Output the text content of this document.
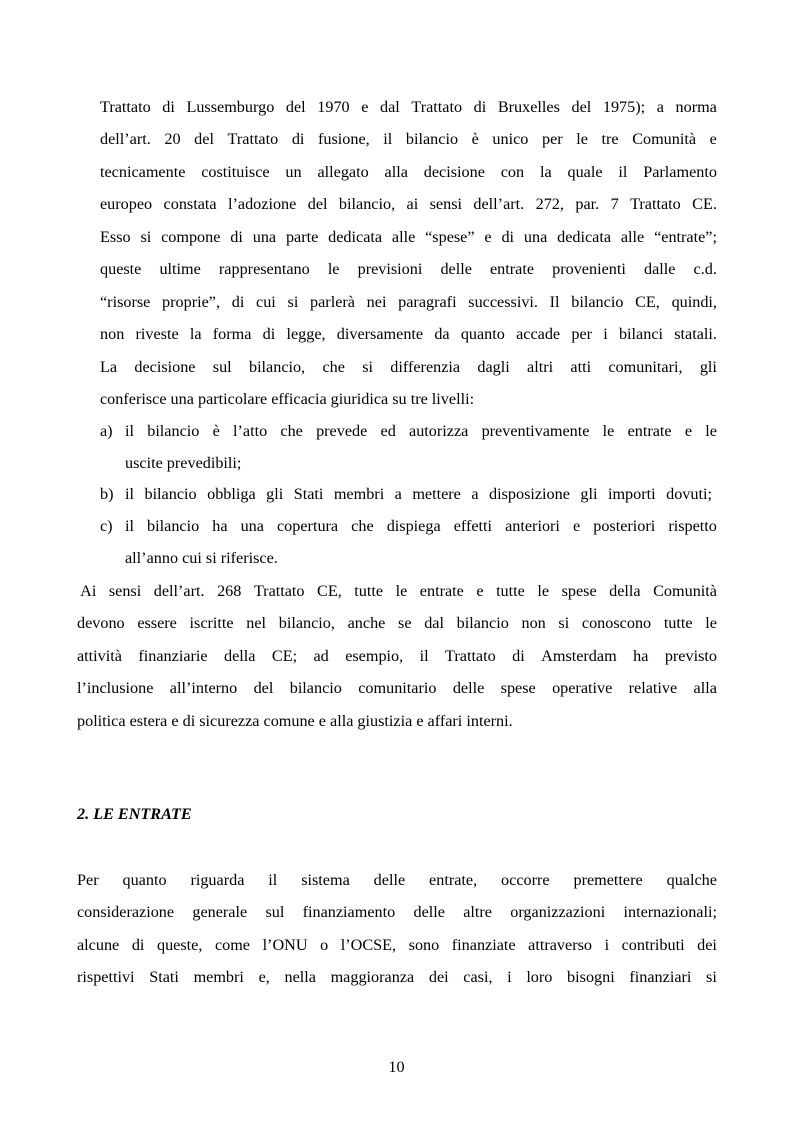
Trattato di Lussemburgo del 1970 e dal Trattato di Bruxelles del 1975); a norma
dell’art. 20 del Trattato di fusione, il bilancio è unico per le tre Comunità e
tecnicamente costituisce un allegato alla decisione con la quale il Parlamento
europeo constata l’adozione del bilancio, ai sensi dell’art. 272, par. 7 Trattato CE.
Esso si compone di una parte dedicata alle “spese” e di una dedicata alle “entrate”;
queste ultime rappresentano le previsioni delle entrate provenienti dalle c.d.
“risorse proprie”, di cui si parlerà nei paragrafi successivi. Il bilancio CE, quindi,
non riveste la forma di legge, diversamente da quanto accade per i bilanci statali.
La decisione sul bilancio, che si differenzia dagli altri atti comunitari, gli
conferisce una particolare efficacia giuridica su tre livelli:
a) il bilancio è l’atto che prevede ed autorizza preventivamente le entrate e le
uscite prevedibili;
b) il bilancio obbliga gli Stati membri a mettere a disposizione gli importi dovuti;
c) il bilancio ha una copertura che dispiega effetti anteriori e posteriori rispetto
all’anno cui si riferisce.
Ai sensi dell’art. 268 Trattato CE, tutte le entrate e tutte le spese della Comunità
devono essere iscritte nel bilancio, anche se dal bilancio non si conoscono tutte le
attività finanziarie della CE; ad esempio, il Trattato di Amsterdam ha previsto
l’inclusione all’interno del bilancio comunitario delle spese operative relative alla
politica estera e di sicurezza comune e alla giustizia e affari interni.
2. LE ENTRATE
Per quanto riguarda il sistema delle entrate, occorre premettere qualche
considerazione generale sul finanziamento delle altre organizzazioni internazionali;
alcune di queste, come l’ONU o l’OCSE, sono finanziate attraverso i contributi dei
rispettivi Stati membri e, nella maggioranza dei casi, i loro bisogni finanziari si
10
